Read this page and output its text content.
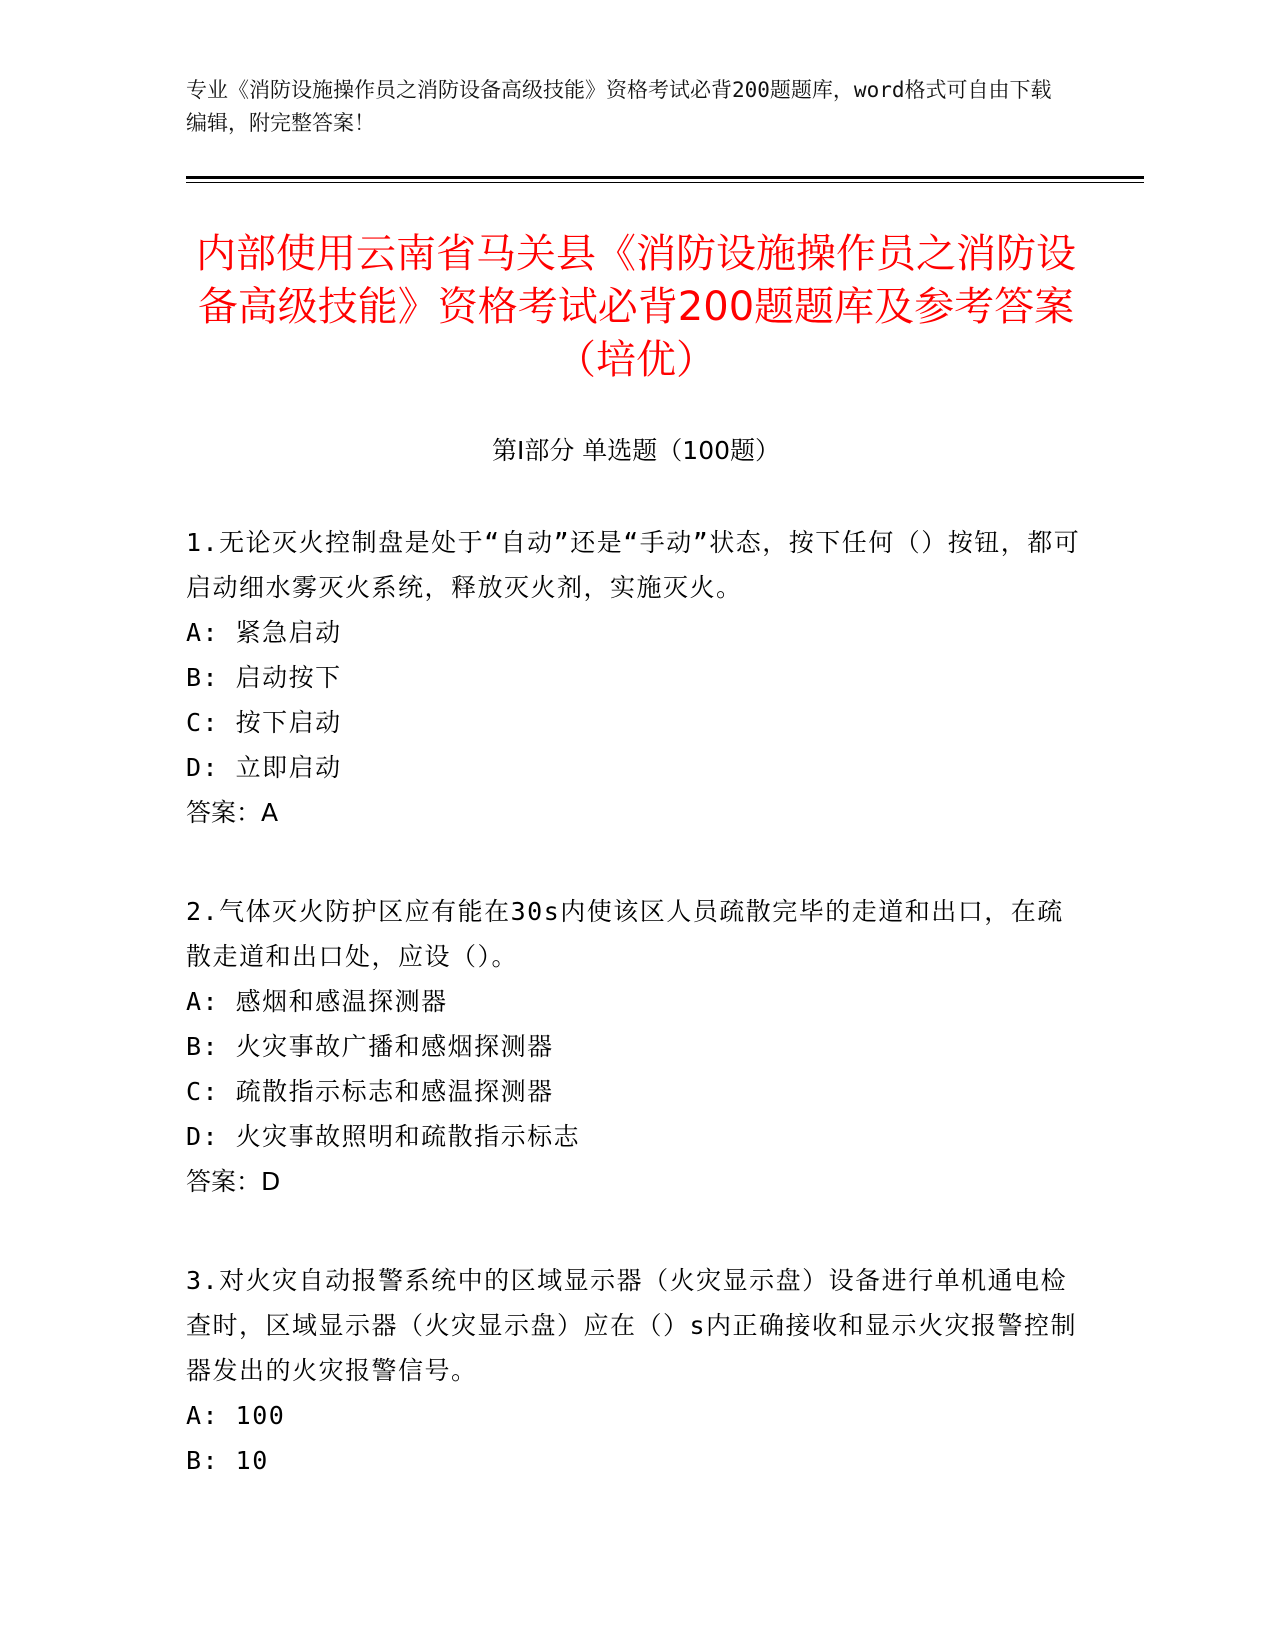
专业《消防设施操作员之消防设备高级技能》资格考试必背200题题库，word格式可自由下载编辑，附完整答案！

内部使用云南省马关县《消防设施操作员之消防设备高级技能》资格考试必背200题题库及参考答案（培优）
第I部分 单选题（100题）

1.无论灭火控制盘是处于“自动”还是“手动”状态，按下任何（）按钮，都可启动细水雾灭火系统，释放灭火剂，实施灭火。

A: 紧急启动

B: 启动按下

C: 按下启动

D: 立即启动

答案：A

2.气体灭火防护区应有能在30s内使该区人员疏散完毕的走道和出口，在疏散走道和出口处，应设（）。

A: 感烟和感温探测器

B: 火灾事故广播和感烟探测器

C: 疏散指示标志和感温探测器

D: 火灾事故照明和疏散指示标志

答案：D

3.对火灾自动报警系统中的区域显示器（火灾显示盘）设备进行单机通电检查时，区域显示器（火灾显示盘）应在（）s内正确接收和显示火灾报警控制器发出的火灾报警信号。

A: 100

B: 10
